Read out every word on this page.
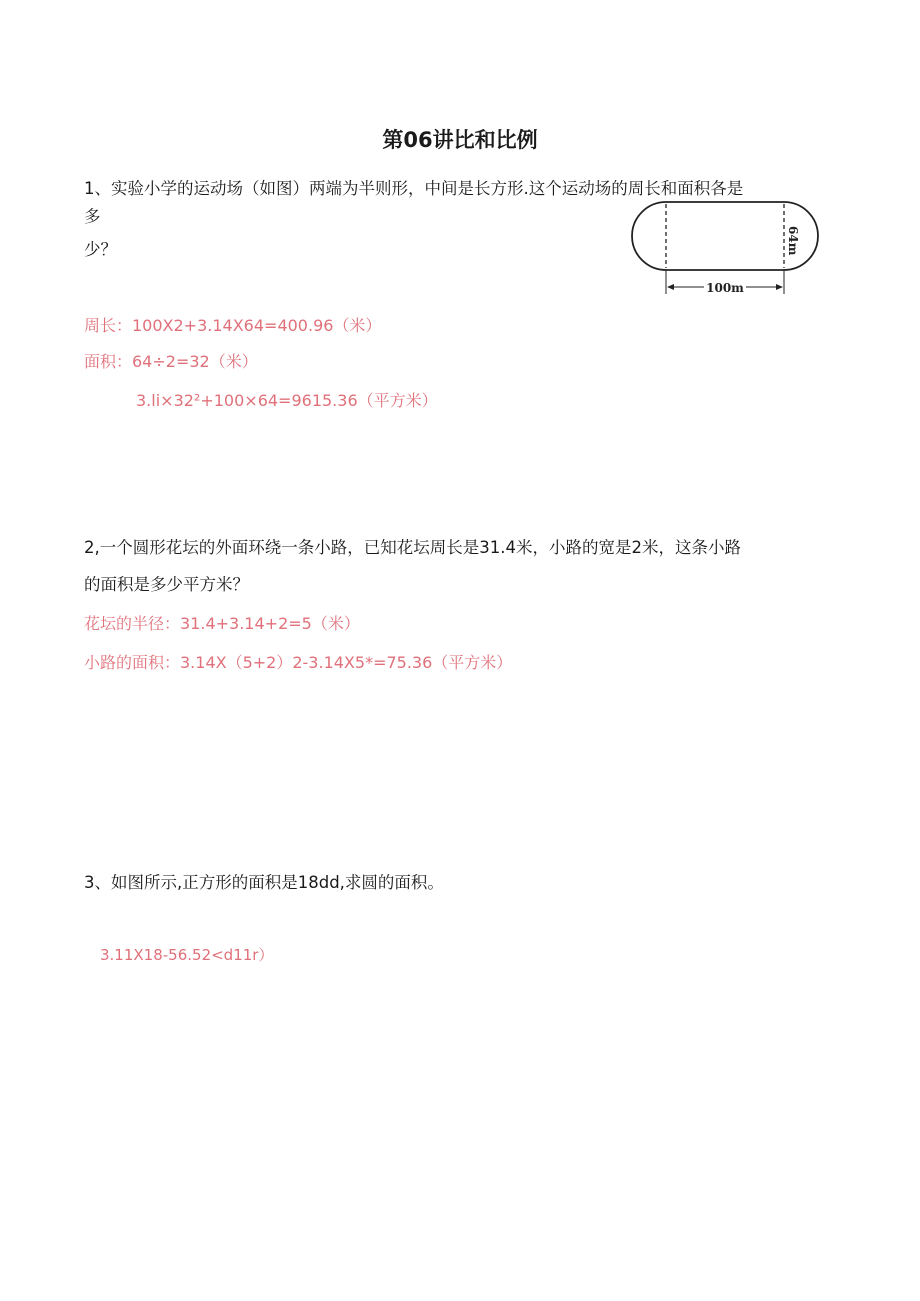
第06讲比和比例
1、实验小学的运动场（如图）两端为半则形，中间是长方形.这个运动场的周长和面积各是
多
少？
100m
64m
周长：100X2+3.14X64=400.96（米）
面积：64÷2=32（米）
3.li×32²+100×64=9615.36（平方米）
2,一个圆形花坛的外面环绕一条小路，已知花坛周长是31.4米，小路的宽是2米，这条小路
的面积是多少平方米？
花坛的半径：31.4+3.14+2=5（米）
小路的面积：3.14X（5+2）2-3.14X5*=75.36（平方米）
3、如图所示,正方形的面积是18dd,求圆的面积。
3.11X18-56.52<d11r）
